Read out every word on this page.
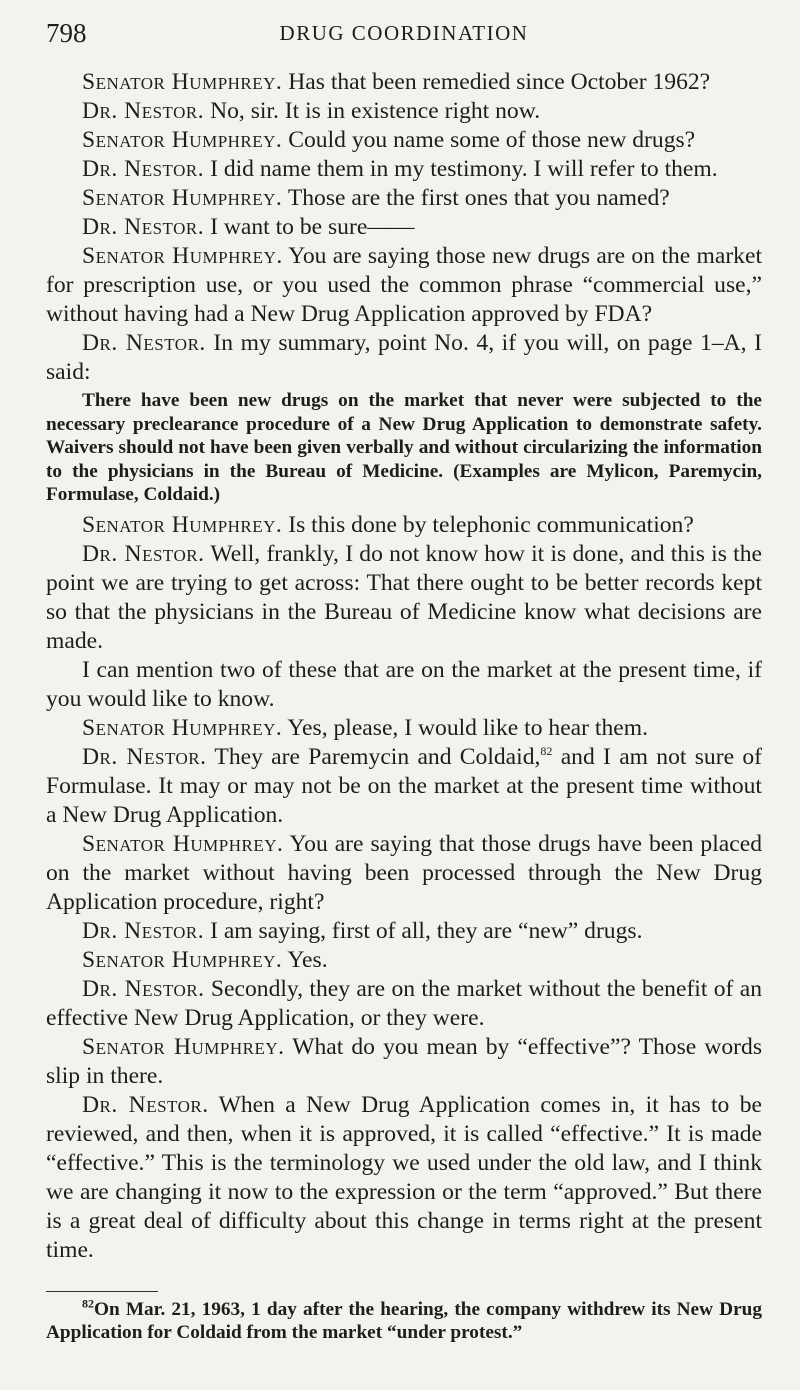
798	DRUG COORDINATION

Senator Humphrey. Has that been remedied since October 1962?

Dr. Nestor. No, sir. It is in existence right now.

Senator Humphrey. Could you name some of those new drugs?

Dr. Nestor. I did name them in my testimony. I will refer to them.

Senator Humphrey. Those are the first ones that you named?

Dr. Nestor. I want to be sure——

Senator Humphrey. You are saying those new drugs are on the market for prescription use, or you used the common phrase “commercial use,” without having had a New Drug Application approved by FDA?

Dr. Nestor. In my summary, point No. 4, if you will, on page 1–A, I said:

There have been new drugs on the market that never were subjected to the necessary preclearance procedure of a New Drug Application to demonstrate safety. Waivers should not have been given verbally and without circularizing the information to the physicians in the Bureau of Medicine. (Examples are Mylicon, Paremycin, Formulase, Coldaid.)

Senator Humphrey. Is this done by telephonic communication?

Dr. Nestor. Well, frankly, I do not know how it is done, and this is the point we are trying to get across: That there ought to be better records kept so that the physicians in the Bureau of Medicine know what decisions are made.

I can mention two of these that are on the market at the present time, if you would like to know.

Senator Humphrey. Yes, please, I would like to hear them.

Dr. Nestor. They are Paremycin and Coldaid,$^{82}$ and I am not sure of Formulase. It may or may not be on the market at the present time without a New Drug Application.

Senator Humphrey. You are saying that those drugs have been placed on the market without having been processed through the New Drug Application procedure, right?

Dr. Nestor. I am saying, first of all, they are “new” drugs.

Senator Humphrey. Yes.

Dr. Nestor. Secondly, they are on the market without the benefit of an effective New Drug Application, or they were.

Senator Humphrey. What do you mean by “effective”? Those words slip in there.

Dr. Nestor. When a New Drug Application comes in, it has to be reviewed, and then, when it is approved, it is called “effective.” It is made “effective.” This is the terminology we used under the old law, and I think we are changing it now to the expression or the term “approved.” But there is a great deal of difficulty about this change in terms right at the present time.

$^{82}$On Mar. 21, 1963, 1 day after the hearing, the company withdrew its New Drug Application for Coldaid from the market “under protest.”
